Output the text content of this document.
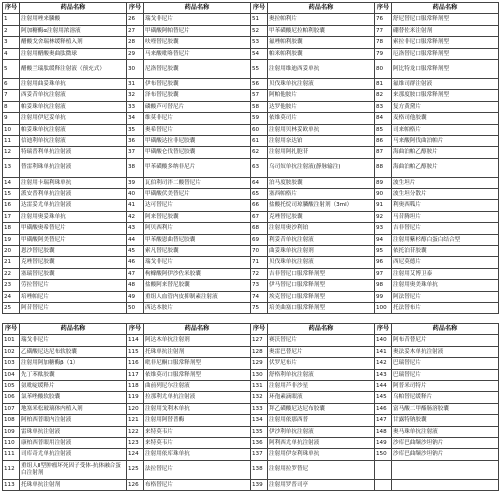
序号	药品名称	序号	药品名称	序号	药品名称	序号	药品名称
1	注射用唑来膦酸	26	瑞戈非尼片	51	奥拉帕利片	76	舒尼替尼口服常释剂型
2	阿加糖酶α注射用浓溶液	27	甲磺酸阿帕替尼片	52	甲苯磺酸尼拉帕利胶囊	77	硼替佐米注射剂
3	醋酸戈舍瑞林缓释植入剂	28	呋喹替尼胶囊	53	氟唑帕利胶囊	78	索拉非尼口服常释剂型
4	注射用醋酸奥曲肽微球	29	马来酸吡咯替尼片	54	帕米帕利胶囊	79	厄洛替尼口服常释剂型
5	醋酸兰瑞肽缓释注射液（预充式）	30	尼洛替尼胶囊	55	注射用维迪西妥单抗	80	阿比特龙口服常释剂型
6	注射用曲妥珠单抗	31	伊布替尼胶囊	56	贝伐珠单抗注射液	81	氟维司群注射液
7	西妥昔单抗注射液	32	泽布替尼胶囊	57	阿帕他胺片	82	来那度胺口服常释剂型
8	帕妥珠单抗注射液	33	磷酸芦可替尼片	58	达罗他胺片	83	复方黄黛片
9	注射用伊尼妥单抗	34	维莫非尼片	59	依维莫司片	84	麦格司他胶囊
10	帕妥珠单抗注射液	35	奥希替尼片	60	注射用贝林妥欧单抗	85	司来帕格片
11	信迪利单抗注射液	36	甲磺酸达拉非尼胶囊	61	注射用奈达铂	86	马来酸阿伐曲泊帕片
12	特瑞普利单抗注射液	37	甲磺酸仑伐替尼胶囊	62	注射用阿扎胞苷	87	海曲泊帕乙醇胺片
13	替雷利珠单抗注射液	38	甲苯磺酸多纳非尼片	63	乌司奴单抗注射液(静脉输注)	88	海曲泊帕乙醇胺片
14	注射用卡瑞利珠单抗	39	瓦伯利司泮二酸替尼片	64	泊马度胺胶囊	89	波生坦片
15	派安普利单抗注射液	40	甲磺酸伏美替尼片	65	塞西帕格片	90	波生坦分散片
16	达雷妥尤单抗注射液	41	达可替尼片	66	盐酸托烷司琼膦酸注射剂（3ml）	91	利奥西呱片
17	注射用奥妥珠单抗	42	阿来替尼胶囊	67	克唑替尼胶囊	92	马昔腾坦片
18	甲磺酸奥希替尼片	43	阿贝西利片	68	注射用奥沙利铂	93	吉非替尼片
19	甲磺酸阿美替尼片	44	甲苯酸恩曲替尼胶囊	69	利妥昔单抗注射液	94	注射用紫杉醇白蛋白结合型
20	恩沙替尼胶囊	45	索凡替尼胶囊	70	曲妥珠单抗注射剂	95	依托泊苷胶囊
21	克唑替尼胶囊	46	瑞戈非尼片	71	贝伐珠单抗注射液	96	西尼莫德片
22	塞瑞替尼胶囊	47	枸橼酸阿伊沙佐米胶囊	72	吉非替尼口服常释剂型	97	注射用艾博卫泰
23	劳拉替尼片	48	盐酸阿来替尼胶囊	73	伊马替尼口服常释剂型	98	注射用奥美珠单抗
24	培唑帕尼片	49	重组人血管内皮抑制素注射液	74	埃克替尼口服常释剂型	99	阿法替尼片
25	阿昔替尼片	50	西达本胺片	75	培美曲塞口服常释剂型	100	托法替布片
序号	药品名称	序号	药品名称	序号	药品名称	序号	药品名称
101	瑞戈非尼片	114	阿达木单抗注射剂	127	赛沃替尼片	140	阿布昔替尼片
102	乙磺酸尼达尼布软胶囊	115	托珠单抗注射剂	128	奥雷巴替尼片	141	奥法妥木单抗注射液
103	注射用阿加糖酶β（1）	116	吡非尼酮口服常释剂型	129	伏罗尼布片	142	巴瑞替尼片
104	先丁苯酞胶囊	117	依维莫司口服常释剂型	130	舒格利单抗注射液	143	巴瑞替尼片
105	氨吡啶缓释片	118	曲前列尼尔注射液	131	注射用芦非沙星	144	阿普米司特片
106	氯苯唑酸软胶囊	119	拉那利尤单抗注射液	132	环孢素滴眼液	145	乌帕替尼缓释片
107	地塞米松玻璃体内植入剂	120	注射用戈利木单抗	133	拜乙磺酸尼达尼布胶囊	146	富马酸二甲酯肠溶胶囊
108	阿柏西普眼内注射液	121	注射用阿替普酶	134	注射用依那西普	147	甘露特钠胶囊
109	雷珠单抗注射液	122	来特莫韦片	135	伊沙利单抗注射液	148	奥马珠单抗注射液
110	康柏西普眼用注射液	123	来特莫韦片	136	阿利西尤单抗注射液	149	沙库巴曲缬沙坦钠片
111	司库奇尤单抗注射液	124	注射用依库珠单抗	137	注射用伊奈利珠单抗	150	沙库巴曲缬沙坦钠片
112	重组人Ⅱ型肿瘤坏死因子受体-抗体融合蛋白注射剂	125	法拉替尼片	138	注射用拉罗替尼		
113	托珠单抗注射剂	126	布格替尼片	139	注射用罗普司亭		
